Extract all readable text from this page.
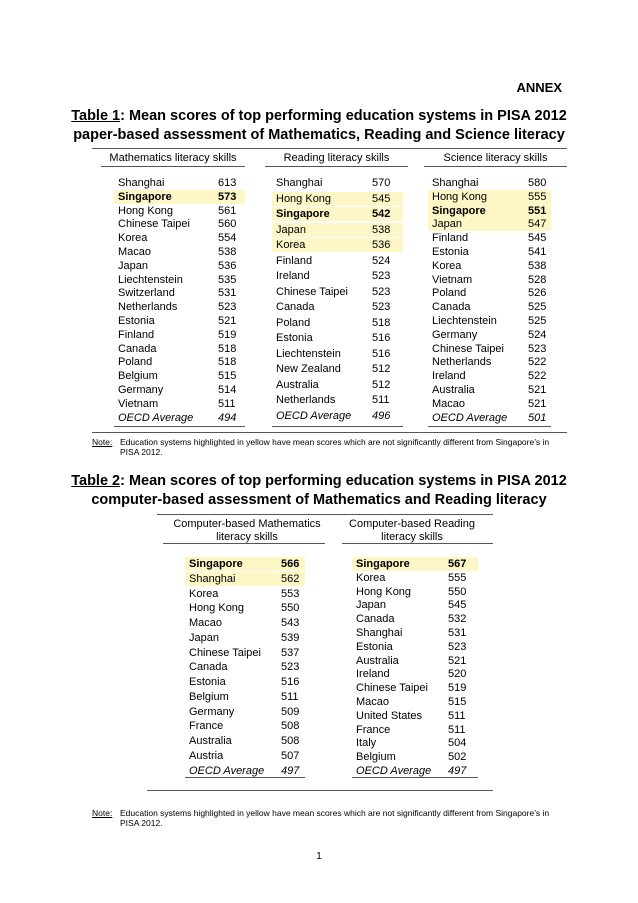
ANNEX
Table 1: Mean scores of top performing education systems in PISA 2012
paper-based assessment of Mathematics, Reading and Science literacy
Mathematics literacy skills	Reading literacy skills	Science literacy skills
Shanghai	613
Singapore	573
Hong Kong	561
Chinese Taipei	560
Korea	554
Macao	538
Japan	536
Liechtenstein	535
Switzerland	531
Netherlands	523
Estonia	521
Finland	519
Canada	518
Poland	518
Belgium	515
Germany	514
Vietnam	511
OECD Average 494
Shanghai	570
Hong Kong	545
Singapore	542
Japan	538
Korea	536
Finland	524
Ireland	523
Chinese Taipei 523
Canada	523
Poland	518
Estonia	516
Liechtenstein	516
New Zealand	512
Australia	512
Netherlands	511
OECD Average 496
Shanghai	580
Hong Kong	555
Singapore	551
Japan	547
Finland	545
Estonia	541
Korea	538
Vietnam	528
Poland	526
Canada	525
Liechtenstein	525
Germany	524
Chinese Taipei 523
Netherlands	522
Ireland	522
Australia	521
Macao	521
OECD Average 501
Note: Education systems highlighted in yellow have mean scores which are not significantly different from Singapore’s in PISA 2012.
Table 2: Mean scores of top performing education systems in PISA 2012
computer-based assessment of Mathematics and Reading literacy
Computer-based Mathematics
literacy skills
Computer-based Reading
literacy skills
Singapore	566
Shanghai	562
Korea	553
Hong Kong	550
Macao	543
Japan	539
Chinese Taipei 537
Canada	523
Estonia	516
Belgium	511
Germany	509
France	508
Australia	508
Austria	507
OECD Average 497
Singapore	567
Korea	555
Hong Kong	550
Japan	545
Canada	532
Shanghai	531
Estonia	523
Australia	521
Ireland	520
Chinese Taipei 519
Macao	515
United States 511
France	511
Italy	504
Belgium	502
OECD Average 497
Note: Education systems highlighted in yellow have mean scores which are not significantly different from Singapore’s in PISA 2012.
1
